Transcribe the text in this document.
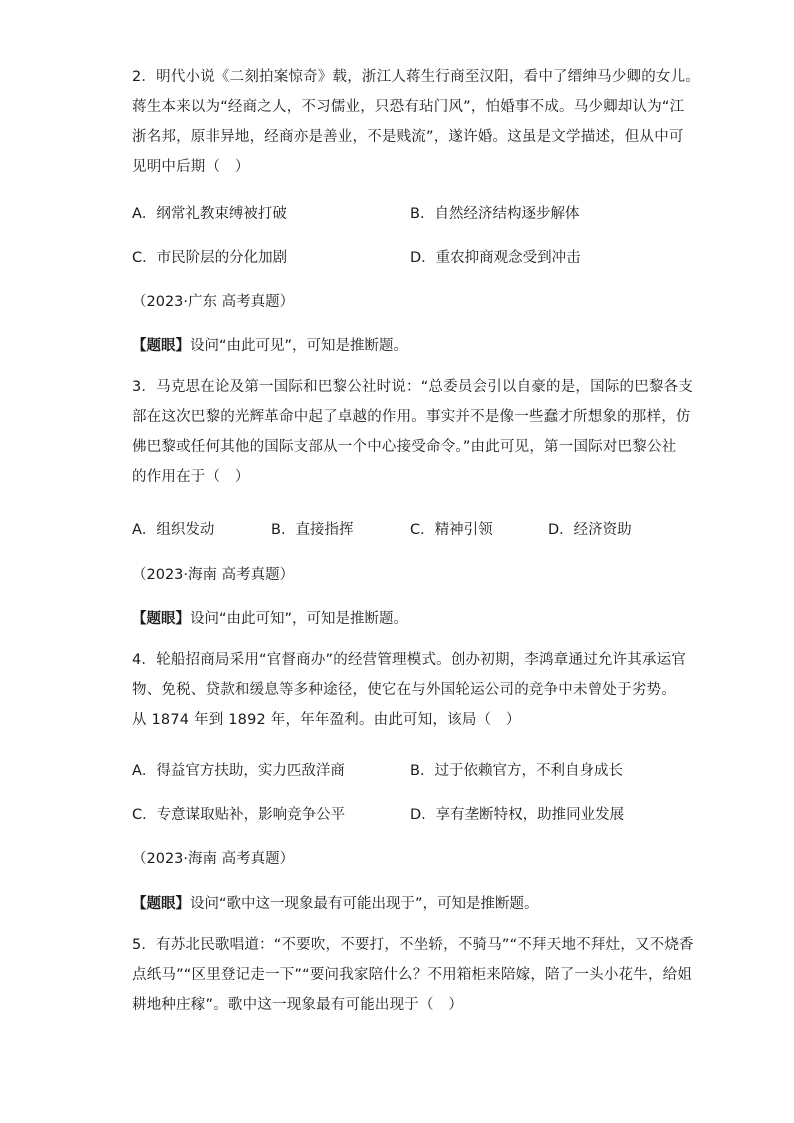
2．明代小说《二刻拍案惊奇》载，浙江人蒋生行商至汉阳，看中了缙绅马少卿的女儿。
蒋生本来以为“经商之人，不习儒业，只恐有玷门风”，怕婚事不成。马少卿却认为“江
浙名邦，原非异地，经商亦是善业，不是贱流”，遂许婚。这虽是文学描述，但从中可
见明中后期（　）
A．纲常礼教束缚被打破	B．自然经济结构逐步解体
C．市民阶层的分化加剧	D．重农抑商观念受到冲击
（2023·广东 高考真题）
【题眼】设问“由此可见”，可知是推断题。
3．马克思在论及第一国际和巴黎公社时说：“总委员会引以自豪的是，国际的巴黎各支
部在这次巴黎的光辉革命中起了卓越的作用。事实并不是像一些蠢才所想象的那样，仿
佛巴黎或任何其他的国际支部从一个中心接受命令。”由此可见，第一国际对巴黎公社
的作用在于（　）
A．组织发动	B．直接指挥	C．精神引领	D．经济资助
（2023·海南 高考真题）
【题眼】设问“由此可知”，可知是推断题。
4．轮船招商局采用“官督商办”的经营管理模式。创办初期，李鸿章通过允许其承运官
物、免税、贷款和缓息等多种途径，使它在与外国轮运公司的竞争中未曾处于劣势。
从 1874 年到 1892 年，年年盈利。由此可知，该局（　）
A．得益官方扶助，实力匹敌洋商	B．过于依赖官方，不利自身成长
C．专意谋取贴补，影响竞争公平	D．享有垄断特权，助推同业发展
（2023·海南 高考真题）
【题眼】设问“歌中这一现象最有可能出现于”，可知是推断题。
5．有苏北民歌唱道：“不要吹，不要打，不坐轿，不骑马”“不拜天地不拜灶，又不烧香
点纸马”“区里登记走一下”“要问我家陪什么？不用箱柜来陪嫁，陪了一头小花牛，给姐
耕地种庄稼”。歌中这一现象最有可能出现于（　）
